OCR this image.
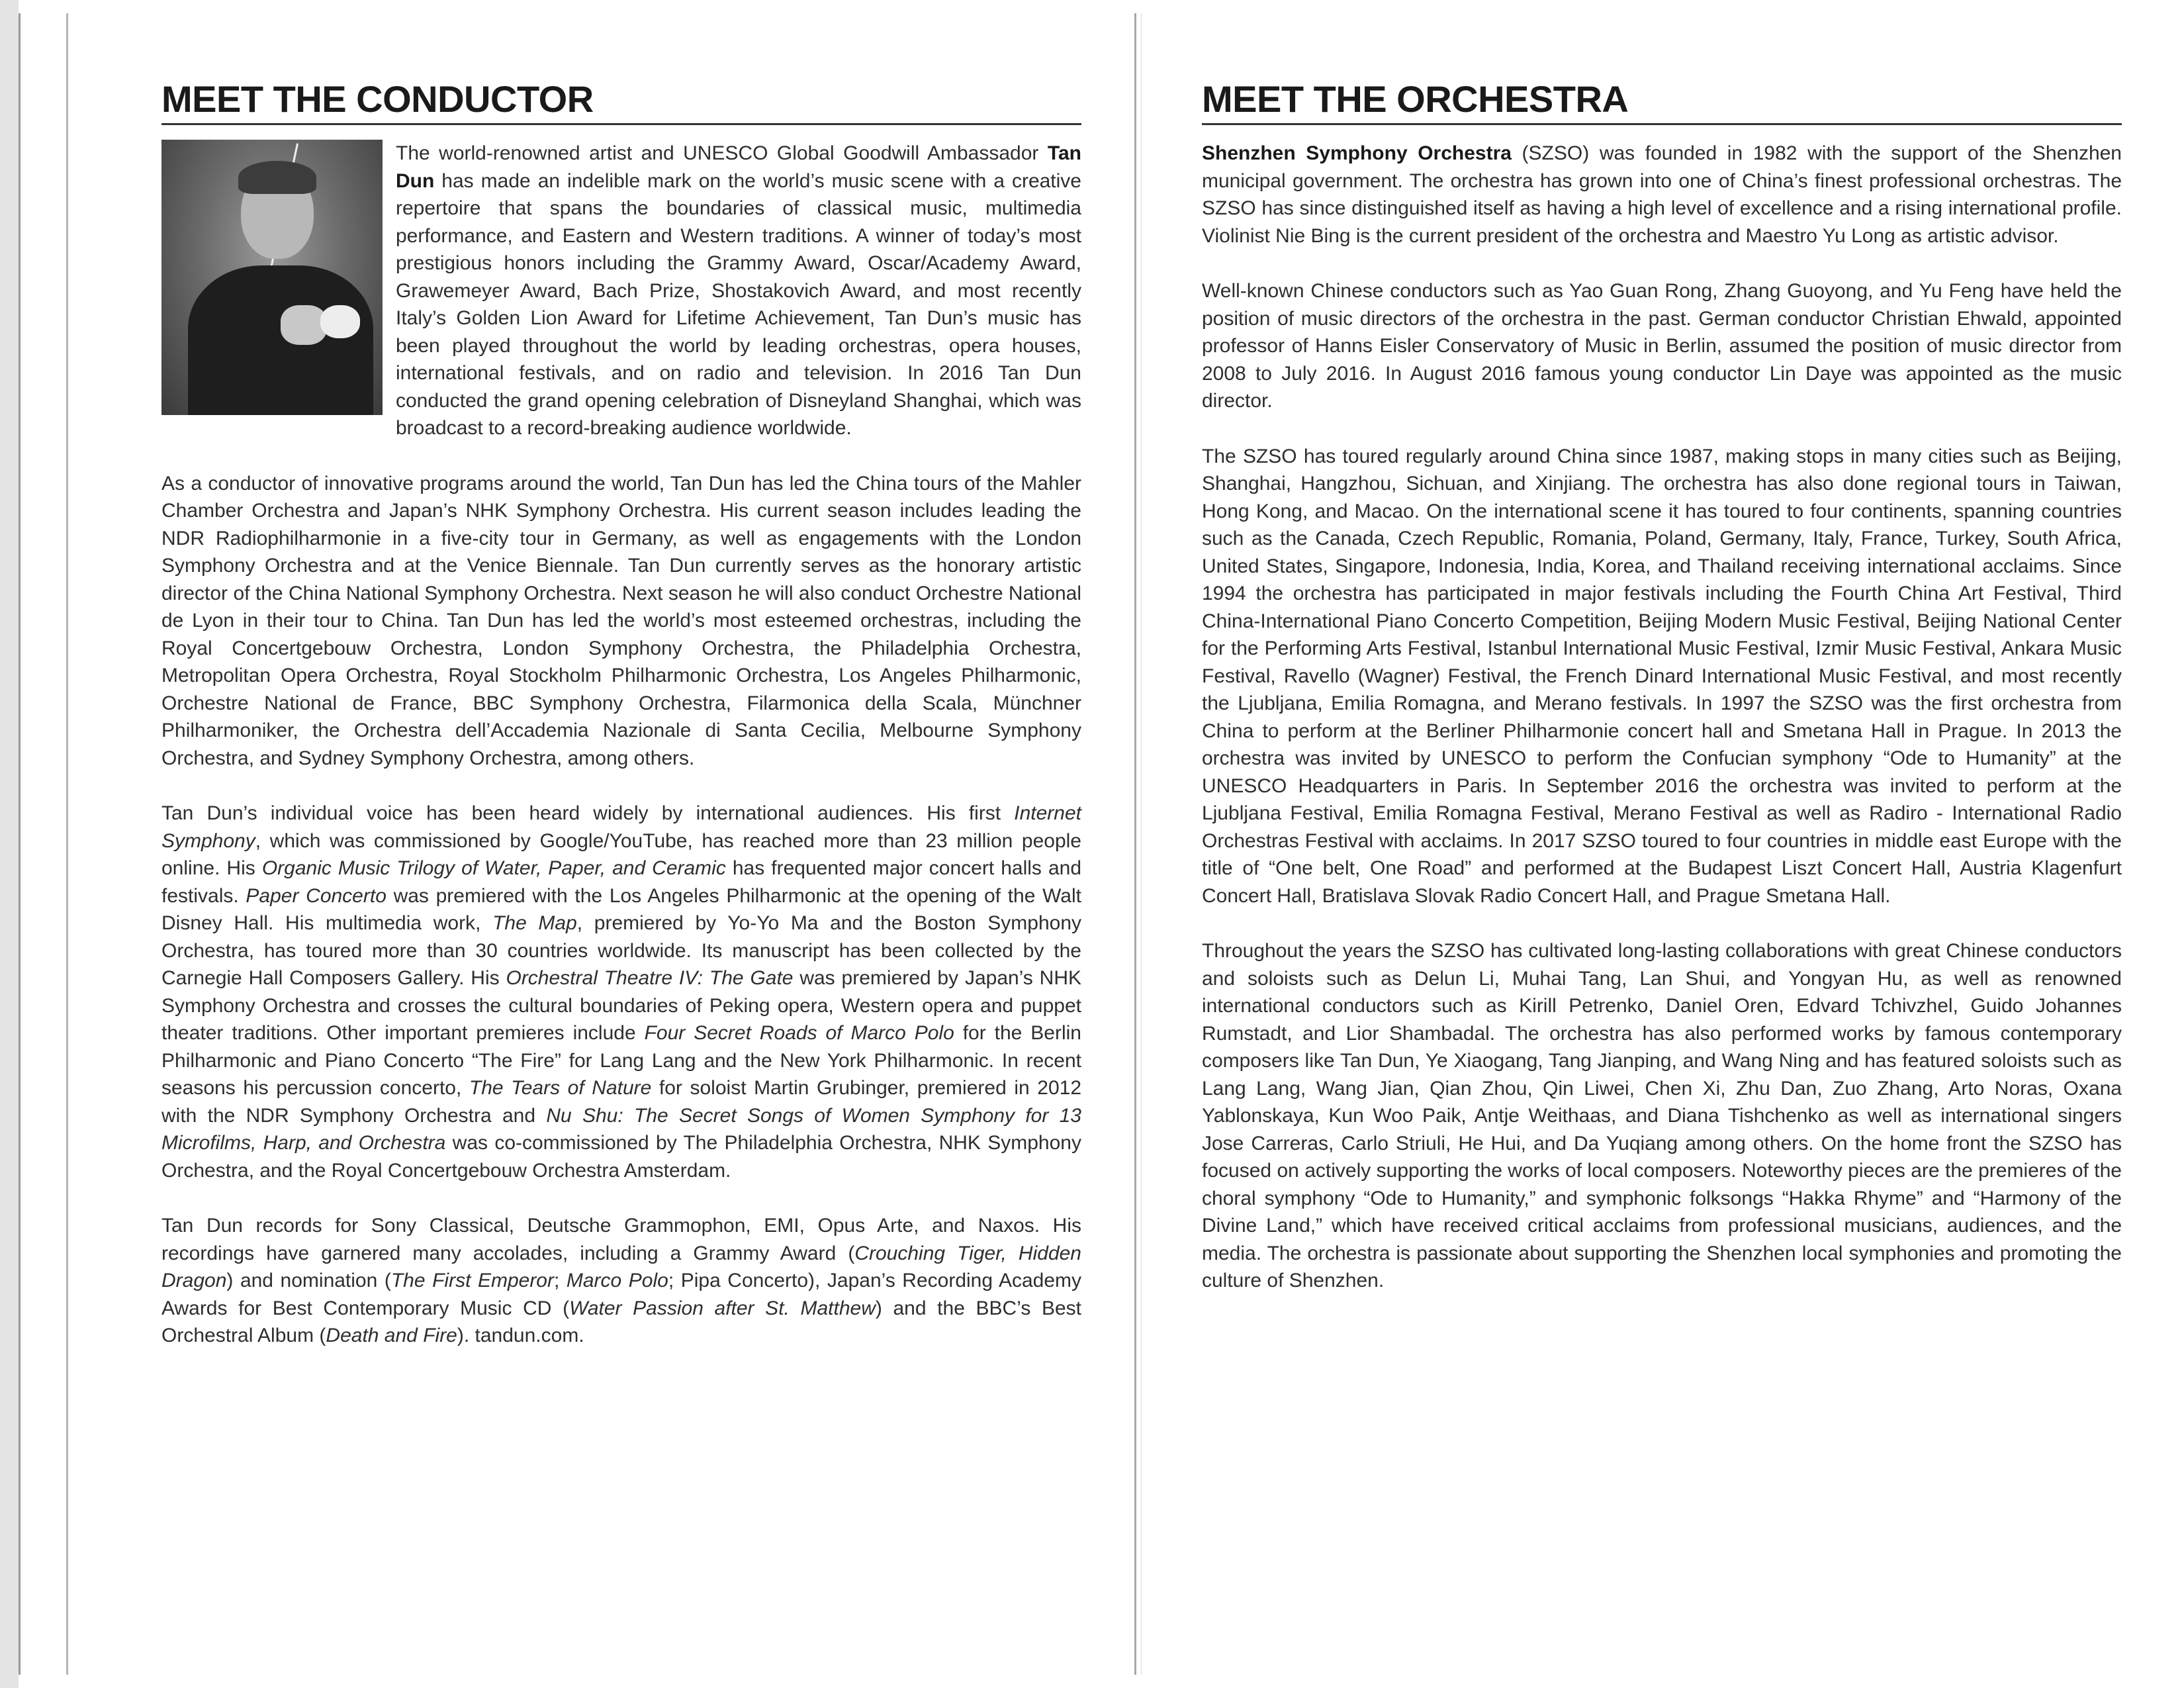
MEET THE CONDUCTOR

The world-renowned artist and UNESCO Global Goodwill Ambassador Tan Dun has made an indelible mark on the world’s music scene with a creative repertoire that spans the boundaries of classical music, multimedia performance, and Eastern and Western traditions. A winner of today’s most prestigious honors including the Grammy Award, Oscar/Academy Award, Grawemeyer Award, Bach Prize, Shostakovich Award, and most recently Italy’s Golden Lion Award for Lifetime Achievement, Tan Dun’s music has been played throughout the world by leading orchestras, opera houses, international festivals, and on radio and television. In 2016 Tan Dun conducted the grand opening celebration of Disneyland Shanghai, which was broadcast to a record-breaking audience worldwide.

As a conductor of innovative programs around the world, Tan Dun has led the China tours of the Mahler Chamber Orchestra and Japan’s NHK Symphony Orchestra. His current season includes leading the NDR Radiophilharmonie in a five-city tour in Germany, as well as engagements with the London Symphony Orchestra and at the Venice Biennale. Tan Dun currently serves as the honorary artistic director of the China National Symphony Orchestra. Next season he will also conduct Orchestre National de Lyon in their tour to China. Tan Dun has led the world’s most esteemed orchestras, including the Royal Concertgebouw Orchestra, London Symphony Orchestra, the Philadelphia Orchestra, Metropolitan Opera Orchestra, Royal Stockholm Philharmonic Orchestra, Los Angeles Philharmonic, Orchestre National de France, BBC Symphony Orchestra, Filarmonica della Scala, Münchner Philharmoniker, the Orchestra dell’Accademia Nazionale di Santa Cecilia, Melbourne Symphony Orchestra, and Sydney Symphony Orchestra, among others.

Tan Dun’s individual voice has been heard widely by international audiences. His first Internet Symphony, which was commissioned by Google/YouTube, has reached more than 23 million people online. His Organic Music Trilogy of Water, Paper, and Ceramic has frequented major concert halls and festivals. Paper Concerto was premiered with the Los Angeles Philharmonic at the opening of the Walt Disney Hall. His multimedia work, The Map, premiered by Yo-Yo Ma and the Boston Symphony Orchestra, has toured more than 30 countries worldwide. Its manuscript has been collected by the Carnegie Hall Composers Gallery. His Orchestral Theatre IV: The Gate was premiered by Japan’s NHK Symphony Orchestra and crosses the cultural boundaries of Peking opera, Western opera and puppet theater traditions. Other important premieres include Four Secret Roads of Marco Polo for the Berlin Philharmonic and Piano Concerto “The Fire” for Lang Lang and the New York Philharmonic. In recent seasons his percussion concerto, The Tears of Nature for soloist Martin Grubinger, premiered in 2012 with the NDR Symphony Orchestra and Nu Shu: The Secret Songs of Women Symphony for 13 Microfilms, Harp, and Orchestra was co-commissioned by The Philadelphia Orchestra, NHK Symphony Orchestra, and the Royal Concertgebouw Orchestra Amsterdam.

Tan Dun records for Sony Classical, Deutsche Grammophon, EMI, Opus Arte, and Naxos. His recordings have garnered many accolades, including a Grammy Award (Crouching Tiger, Hidden Dragon) and nomination (The First Emperor; Marco Polo; Pipa Concerto), Japan’s Recording Academy Awards for Best Contemporary Music CD (Water Passion after St. Matthew) and the BBC’s Best Orchestral Album (Death and Fire). tandun.com.

MEET THE ORCHESTRA

Shenzhen Symphony Orchestra (SZSO) was founded in 1982 with the support of the Shenzhen municipal government. The orchestra has grown into one of China’s finest professional orchestras. The SZSO has since distinguished itself as having a high level of excellence and a rising international profile. Violinist Nie Bing is the current president of the orchestra and Maestro Yu Long as artistic advisor.

Well-known Chinese conductors such as Yao Guan Rong, Zhang Guoyong, and Yu Feng have held the position of music directors of the orchestra in the past. German conductor Christian Ehwald, appointed professor of Hanns Eisler Conservatory of Music in Berlin, assumed the position of music director from 2008 to July 2016. In August 2016 famous young conductor Lin Daye was appointed as the music director.

The SZSO has toured regularly around China since 1987, making stops in many cities such as Beijing, Shanghai, Hangzhou, Sichuan, and Xinjiang. The orchestra has also done regional tours in Taiwan, Hong Kong, and Macao. On the international scene it has toured to four continents, spanning countries such as the Canada, Czech Republic, Romania, Poland, Germany, Italy, France, Turkey, South Africa, United States, Singapore, Indonesia, India, Korea, and Thailand receiving international acclaims. Since 1994 the orchestra has participated in major festivals including the Fourth China Art Festival, Third China-International Piano Concerto Competition, Beijing Modern Music Festival, Beijing National Center for the Performing Arts Festival, Istanbul International Music Festival, Izmir Music Festival, Ankara Music Festival, Ravello (Wagner) Festival, the French Dinard International Music Festival, and most recently the Ljubljana, Emilia Romagna, and Merano festivals. In 1997 the SZSO was the first orchestra from China to perform at the Berliner Philharmonie concert hall and Smetana Hall in Prague. In 2013 the orchestra was invited by UNESCO to perform the Confucian symphony “Ode to Humanity” at the UNESCO Headquarters in Paris. In September 2016 the orchestra was invited to perform at the Ljubljana Festival, Emilia Romagna Festival, Merano Festival as well as Radiro - International Radio Orchestras Festival with acclaims. In 2017 SZSO toured to four countries in middle east Europe with the title of “One belt, One Road” and performed at the Budapest Liszt Concert Hall, Austria Klagenfurt Concert Hall, Bratislava Slovak Radio Concert Hall, and Prague Smetana Hall.

Throughout the years the SZSO has cultivated long-lasting collaborations with great Chinese conductors and soloists such as Delun Li, Muhai Tang, Lan Shui, and Yongyan Hu, as well as renowned international conductors such as Kirill Petrenko, Daniel Oren, Edvard Tchivzhel, Guido Johannes Rumstadt, and Lior Shambadal. The orchestra has also performed works by famous contemporary composers like Tan Dun, Ye Xiaogang, Tang Jianping, and Wang Ning and has featured soloists such as Lang Lang, Wang Jian, Qian Zhou, Qin Liwei, Chen Xi, Zhu Dan, Zuo Zhang, Arto Noras, Oxana Yablonskaya, Kun Woo Paik, Antje Weithaas, and Diana Tishchenko as well as international singers Jose Carreras, Carlo Striuli, He Hui, and Da Yuqiang among others. On the home front the SZSO has focused on actively supporting the works of local composers. Noteworthy pieces are the premieres of the choral symphony “Ode to Humanity,” and symphonic folksongs “Hakka Rhyme” and “Harmony of the Divine Land,” which have received critical acclaims from professional musicians, audiences, and the media. The orchestra is passionate about supporting the Shenzhen local symphonies and promoting the culture of Shenzhen.
